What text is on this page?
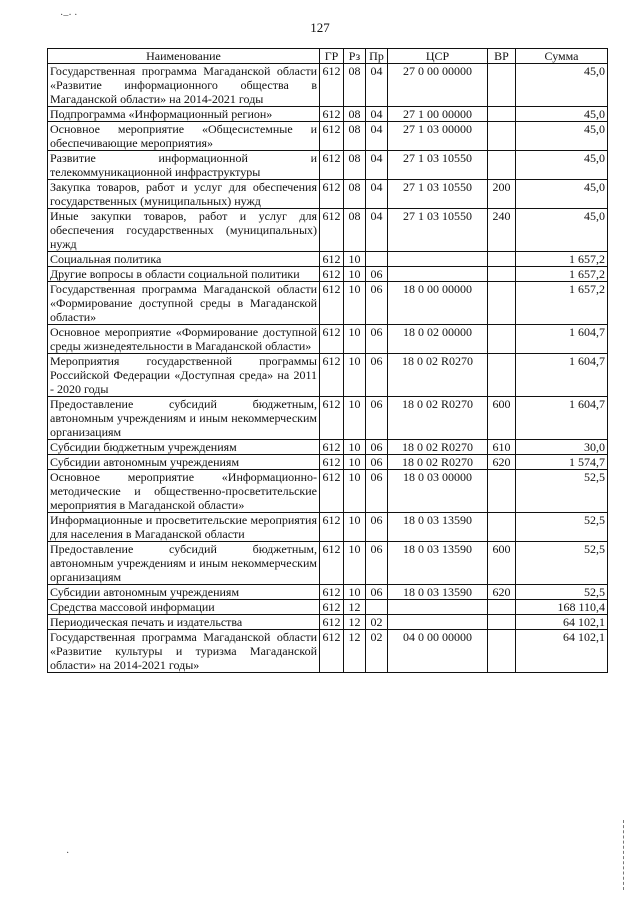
·–· ·
127
Наименование	ГР	Рз	Пр	ЦСР	ВР	Сумма
Государственная программа Магаданской области «Развитие информационного общества в Магаданской области» на 2014-2021 годы	612	08	04	27 0 00 00000		45,0
Подпрограмма «Информационный регион»	612	08	04	27 1 00 00000		45,0
Основное мероприятие «Общесистемные и обеспечивающие мероприятия»	612	08	04	27 1 03 00000		45,0
Развитие информационной и телекоммуникационной инфраструктуры	612	08	04	27 1 03 10550		45,0
Закупка товаров, работ и услуг для обеспечения государственных (муниципальных) нужд	612	08	04	27 1 03 10550	200	45,0
Иные закупки товаров, работ и услуг для обеспечения государственных (муниципальных) нужд	612	08	04	27 1 03 10550	240	45,0
Социальная политика	612	10				1 657,2
Другие вопросы в области социальной политики	612	10	06			1 657,2
Государственная программа Магаданской области «Формирование доступной среды в Магаданской области»	612	10	06	18 0 00 00000		1 657,2
Основное мероприятие «Формирование доступной среды жизнедеятельности в Магаданской области»	612	10	06	18 0 02 00000		1 604,7
Мероприятия государственной программы Российской Федерации «Доступная среда» на 2011 - 2020 годы	612	10	06	18 0 02 R0270		1 604,7
Предоставление субсидий бюджетным, автономным учреждениям и иным некоммерческим организациям	612	10	06	18 0 02 R0270	600	1 604,7
Субсидии бюджетным учреждениям	612	10	06	18 0 02 R0270	610	30,0
Субсидии автономным учреждениям	612	10	06	18 0 02 R0270	620	1 574,7
Основное мероприятие «Информационно-методические и общественно-просветительские мероприятия в Магаданской области»	612	10	06	18 0 03 00000		52,5
Информационные и просветительские мероприятия для населения в Магаданской области	612	10	06	18 0 03 13590		52,5
Предоставление субсидий бюджетным, автономным учреждениям и иным некоммерческим организациям	612	10	06	18 0 03 13590	600	52,5
Субсидии автономным учреждениям	612	10	06	18 0 03 13590	620	52,5
Средства массовой информации	612	12				168 110,4
Периодическая печать и издательства	612	12	02			64 102,1
Государственная программа Магаданской области «Развитие культуры и туризма Магаданской области» на 2014-2021 годы»	612	12	02	04 0 00 00000		64 102,1
·
